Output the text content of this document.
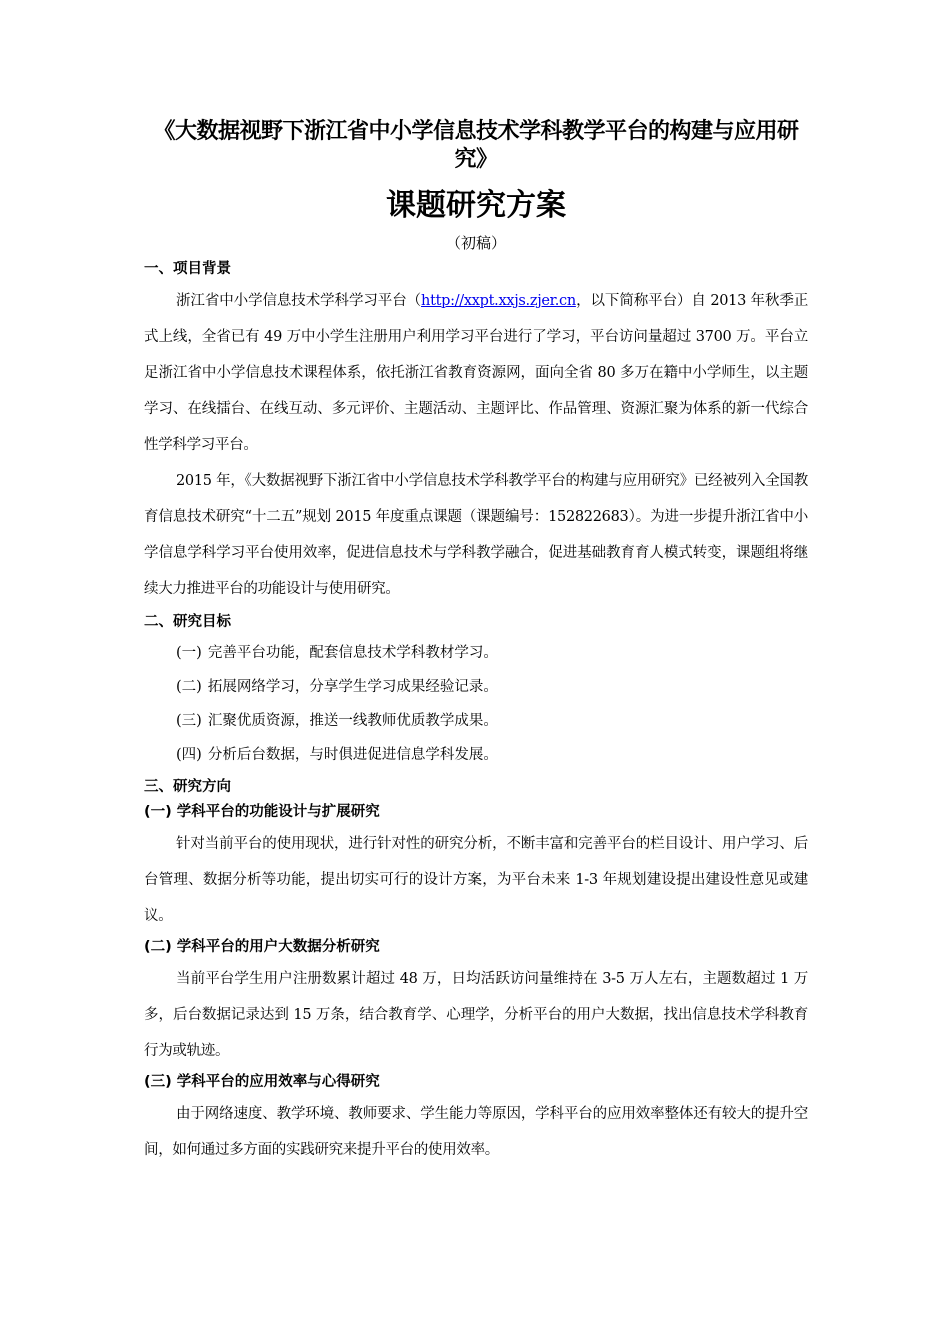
《大数据视野下浙江省中小学信息技术学科教学平台的构建与应用研究》
课题研究方案
（初稿）
一、项目背景

浙江省中小学信息技术学科学习平台（http://xxpt.xxjs.zjer.cn，以下简称平台）自 2013 年秋季正式上线，全省已有 49 万中小学生注册用户利用学习平台进行了学习，平台访问量超过 3700 万。平台立足浙江省中小学信息技术课程体系，依托浙江省教育资源网，面向全省 80 多万在籍中小学师生，以主题学习、在线擂台、在线互动、多元评价、主题活动、主题评比、作品管理、资源汇聚为体系的新一代综合性学科学习平台。

2015 年，《大数据视野下浙江省中小学信息技术学科教学平台的构建与应用研究》已经被列入全国教育信息技术研究“十二五”规划 2015 年度重点课题（课题编号：152822683）。为进一步提升浙江省中小学信息学科学习平台使用效率，促进信息技术与学科教学融合，促进基础教育育人模式转变，课题组将继续大力推进平台的功能设计与使用研究。

二、研究目标
(一) 完善平台功能，配套信息技术学科教材学习。
(二) 拓展网络学习，分享学生学习成果经验记录。
(三) 汇聚优质资源，推送一线教师优质教学成果。
(四) 分析后台数据，与时俱进促进信息学科发展。
三、研究方向
(一) 学科平台的功能设计与扩展研究

针对当前平台的使用现状，进行针对性的研究分析，不断丰富和完善平台的栏目设计、用户学习、后台管理、数据分析等功能，提出切实可行的设计方案，为平台未来 1-3 年规划建设提出建设性意见或建议。

(二) 学科平台的用户大数据分析研究

当前平台学生用户注册数累计超过 48 万，日均活跃访问量维持在 3-5 万人左右，主题数超过 1 万多，后台数据记录达到 15 万条，结合教育学、心理学，分析平台的用户大数据，找出信息技术学科教育行为或轨迹。

(三) 学科平台的应用效率与心得研究

由于网络速度、教学环境、教师要求、学生能力等原因，学科平台的应用效率整体还有较大的提升空间，如何通过多方面的实践研究来提升平台的使用效率。
